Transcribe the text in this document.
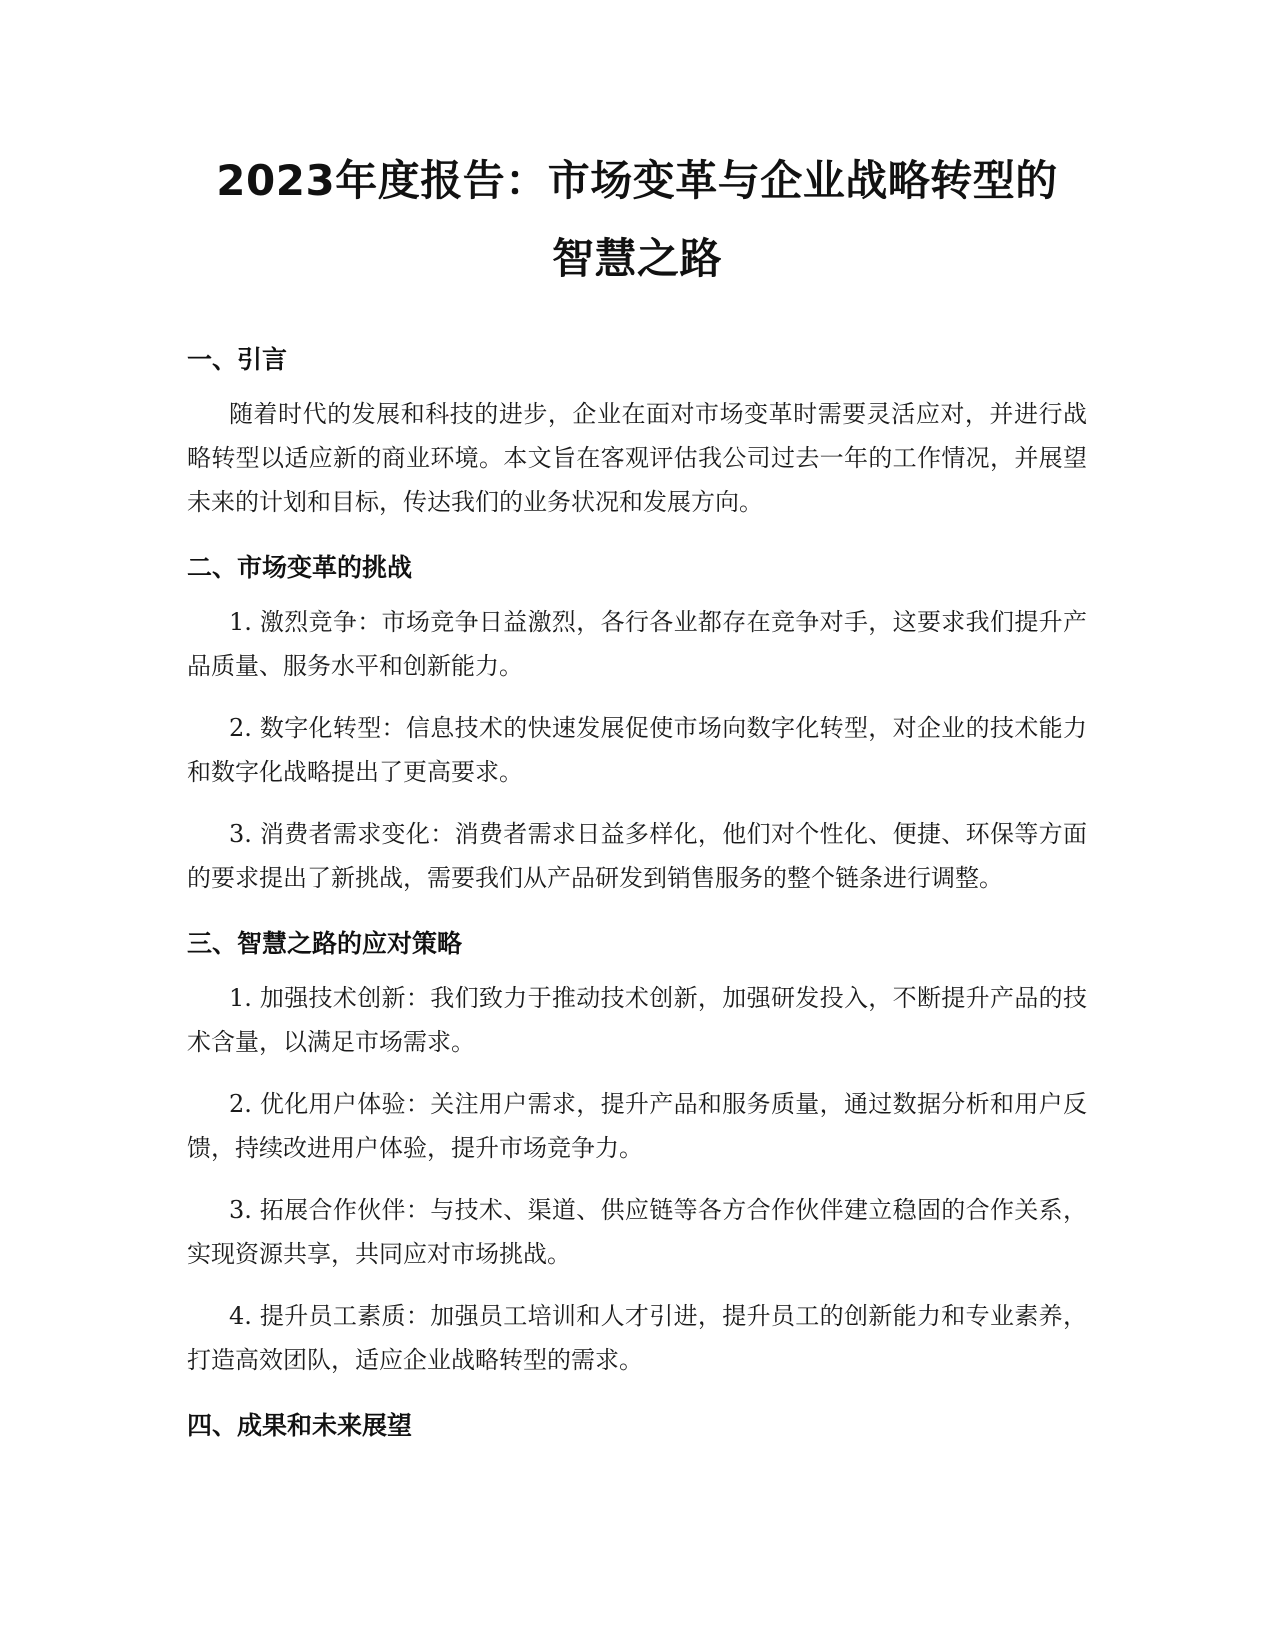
2023年度报告：市场变革与企业战略转型的
智慧之路
一、引言

随着时代的发展和科技的进步，企业在面对市场变革时需要灵活应对，并进行战略转型以适应新的商业环境。本文旨在客观评估我公司过去一年的工作情况，并展望未来的计划和目标，传达我们的业务状况和发展方向。

二、市场变革的挑战

1. 激烈竞争：市场竞争日益激烈，各行各业都存在竞争对手，这要求我们提升产品质量、服务水平和创新能力。

2. 数字化转型：信息技术的快速发展促使市场向数字化转型，对企业的技术能力和数字化战略提出了更高要求。

3. 消费者需求变化：消费者需求日益多样化，他们对个性化、便捷、环保等方面的要求提出了新挑战，需要我们从产品研发到销售服务的整个链条进行调整。

三、智慧之路的应对策略

1. 加强技术创新：我们致力于推动技术创新，加强研发投入，不断提升产品的技术含量，以满足市场需求。

2. 优化用户体验：关注用户需求，提升产品和服务质量，通过数据分析和用户反馈，持续改进用户体验，提升市场竞争力。

3. 拓展合作伙伴：与技术、渠道、供应链等各方合作伙伴建立稳固的合作关系，实现资源共享，共同应对市场挑战。

4. 提升员工素质：加强员工培训和人才引进，提升员工的创新能力和专业素养，打造高效团队，适应企业战略转型的需求。

四、成果和未来展望
